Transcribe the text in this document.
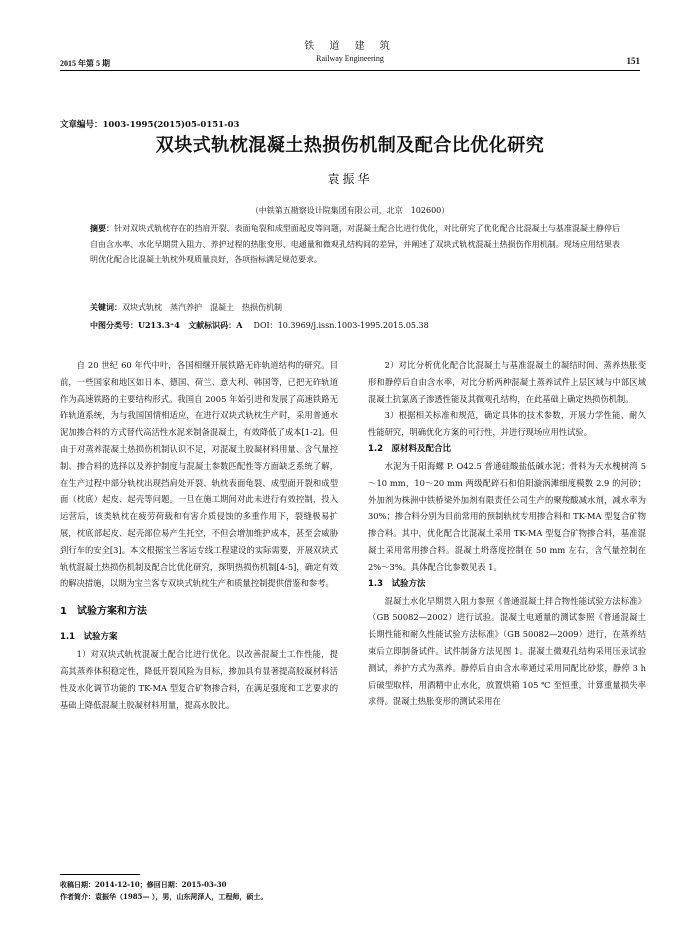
铁 道 建 筑
Railway Engineering
2015 年第 5 期	151
文章编号：1003-1995(2015)05-0151-03
双块式轨枕混凝土热损伤机制及配合比优化研究
袁振华
（中铁第五勘察设计院集团有限公司，北京　102600）
摘要：针对双块式轨枕存在的挡肩开裂、表面龟裂和成型面起皮等问题，对混凝土配合比进行优化，对比研究了优化配合比混凝土与基准混凝土静停后自由含水率、水化早期贯入阻力、养护过程的热胀变形、电通量和微观孔结构间的差异，并阐述了双块式轨枕混凝土热损伤作用机制。现场应用结果表明优化配合比混凝土轨枕外观质量良好，各项指标满足规范要求。
关键词：双块式轨枕　蒸汽养护　混凝土　热损伤机制
中图分类号：U213.3⁺4 文献标识码：A DOI：10.3969/j.issn.1003-1995.2015.05.38

自 20 世纪 60 年代中叶，各国相继开展铁路无砟轨道结构的研究。目前，一些国家和地区如日本、德国、荷兰、意大利、韩国等，已把无砟轨道作为高速铁路的主要结构形式。我国自 2005 年始引进和发展了高速铁路无砟轨道系统，为与我国国情相适应，在进行双块式轨枕生产时，采用普通水泥加掺合料的方式替代高活性水泥来制备混凝土，有效降低了成本[1-2]。但由于对蒸养混凝土热损伤机制认识不足，对混凝土胶凝材料用量、含气量控制、掺合料的选择以及养护制度与混凝土参数匹配性等方面缺乏系统了解，在生产过程中部分轨枕出现挡肩处开裂、轨枕表面龟裂、成型面开裂和成型面（枕底）起皮、起壳等问题。一旦在施工期间对此未进行有效控制，投入运营后，该类轨枕在疲劳荷载和有害介质侵蚀的多重作用下，裂缝极易扩展，枕底部起皮、起壳部位易产生托空，不但会增加维护成本，甚至会威胁到行车的安全[3]。本文根据宝兰客运专线工程建设的实际需要，开展双块式轨枕混凝土热损伤机制及配合比优化研究，探明热损伤机制[4-5]，确定有效的解决措施，以期为宝兰客专双块式轨枕生产和质量控制提供借鉴和参考。

1　试验方案和方法
1.1　试验方案

1）对双块式轨枕混凝土配合比进行优化。以改善混凝土工作性能，提高其蒸养体积稳定性，降低开裂风险为目标，掺加具有显著提高胶凝材料活性及水化调节功能的 TK-MA 型复合矿物掺合料，在满足强度和工艺要求的基础上降低混凝土胶凝材料用量，提高水胶比。

2）对比分析优化配合比混凝土与基准混凝土的凝结时间、蒸养热胀变形和静停后自由含水率，对比分析两种混凝土蒸养试件上层区域与中部区域混凝土抗氯离子渗透性能及其微观孔结构，在此基础上确定热损伤机制。

3）根据相关标准和规范，确定具体的技术参数，开展力学性能、耐久性能研究，明确优化方案的可行性，并进行现场应用性试验。

1.2　原材料及配合比

水泥为千阳海螺 P. O42.5 普通硅酸盐低碱水泥；骨料为天水槐树湾 5～10 mm，10～20 mm 两级配碎石和伯阳漩涡滩细度模数 2.9 的河砂；外加剂为株洲中铁桥梁外加剂有限责任公司生产的聚羧酸减水剂，减水率为 30%；掺合料分别为目前常用的预制轨枕专用掺合料和 TK-MA 型复合矿物掺合料。其中，优化配合比混凝土采用 TK-MA 型复合矿物掺合料，基准混凝土采用常用掺合料。混凝土坍落度控制在 50 mm 左右，含气量控制在 2%～3%。具体配合比参数见表 1。

1.3　试验方法

混凝土水化早期贯入阻力参照《普通混凝土拌合物性能试验方法标准》（GB 50082—2002）进行试验。混凝土电通量的测试参照《普通混凝土长期性能和耐久性能试验方法标准》（GB 50082—2009）进行，在蒸养结束后立即制备试件。试件制备方法见图 1。混凝土微观孔结构采用压汞试验测试，养护方式为蒸养。静停后自由含水率通过采用同配比砂浆，静停 3 h 后破型取样，用酒精中止水化，放置烘箱 105 ℃ 至恒重，计算重量损失率求得。混凝土热胀变形的测试采用在

收稿日期：2014-12-10；修回日期：2015-03-30
作者简介：袁振华（1985— ），男，山东菏泽人，工程师，硕士。
